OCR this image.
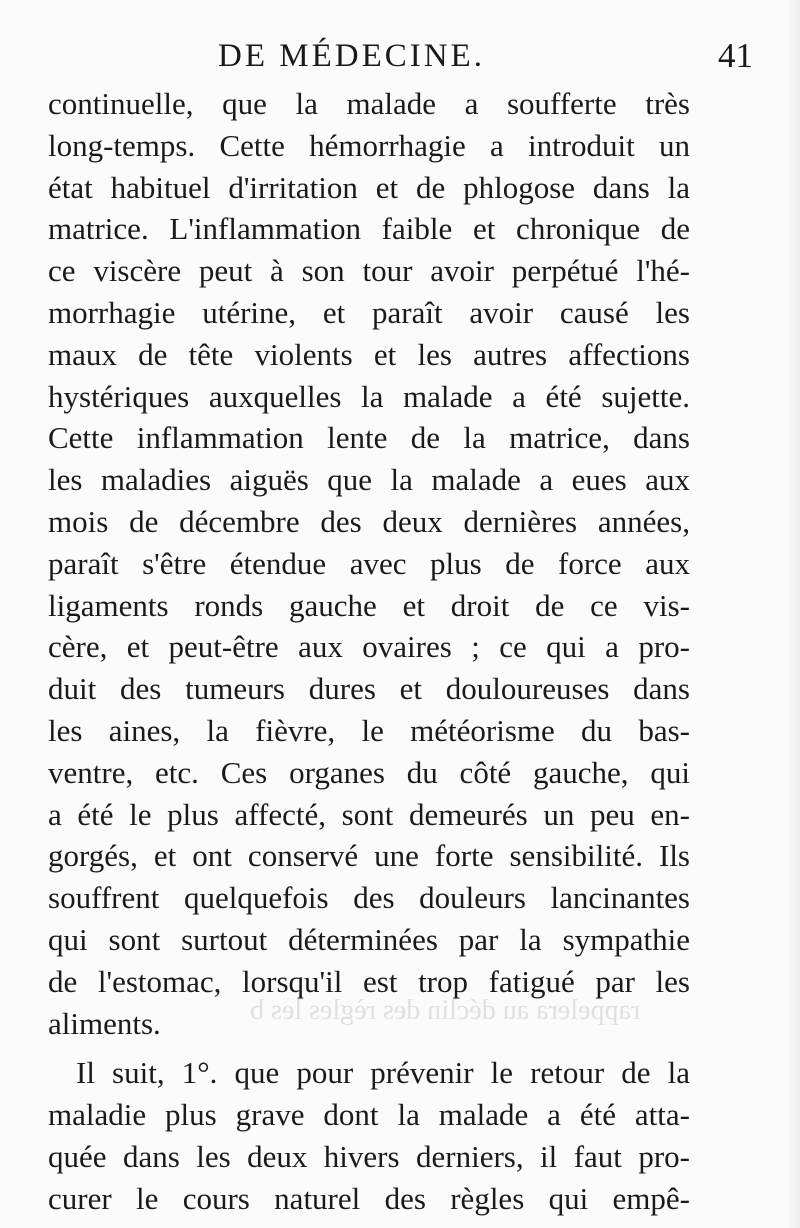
DE MÉDECINE.	41
continuelle, que la malade a soufferte très
long-temps. Cette hémorrhagie a introduit un
état habituel d'irritation et de phlogose dans la
matrice. L'inflammation faible et chronique de
ce viscère peut à son tour avoir perpétué l'hé-
morrhagie utérine, et paraît avoir causé les
maux de tête violents et les autres affections
hystériques auxquelles la malade a été sujette.
Cette inflammation lente de la matrice, dans
les maladies aiguës que la malade a eues aux
mois de décembre des deux dernières années,
paraît s'être étendue avec plus de force aux
ligaments ronds gauche et droit de ce vis-
cère, et peut-être aux ovaires ; ce qui a pro-
duit des tumeurs dures et douloureuses dans
les aines, la fièvre, le météorisme du bas-
ventre, etc. Ces organes du côté gauche, qui
a été le plus affecté, sont demeurés un peu en-
gorgés, et ont conservé une forte sensibilité. Ils
souffrent quelquefois des douleurs lancinantes
qui sont surtout déterminées par la sympathie
de l'estomac, lorsqu'il est trop fatigué par les
aliments.
Il suit, 1°. que pour prévenir le retour de la
maladie plus grave dont la malade a été atta-
quée dans les deux hivers derniers, il faut pro-
curer le cours naturel des règles qui empê-
rappelera au déclin des règles les b
